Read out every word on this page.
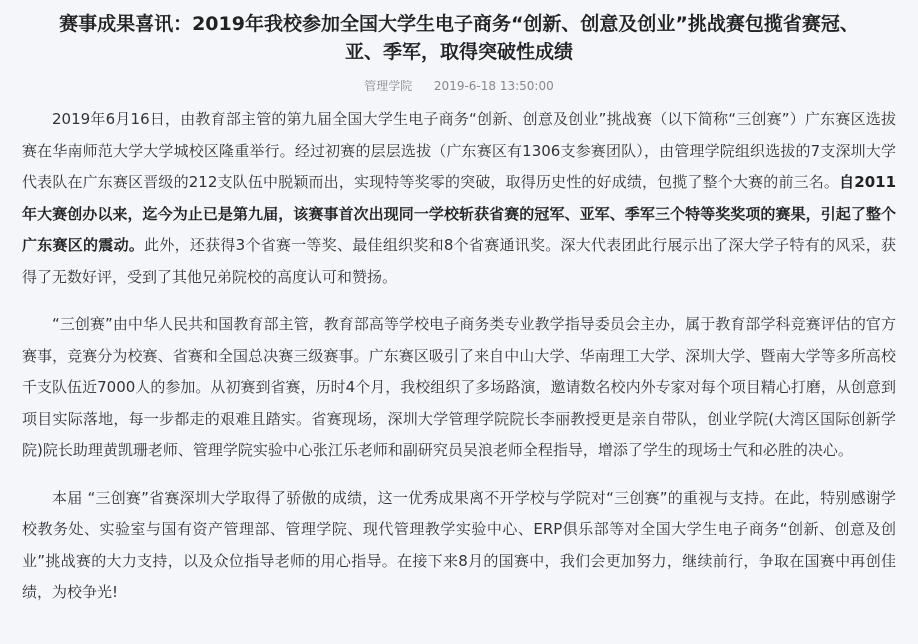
赛事成果喜讯：2019年我校参加全国大学生电子商务“创新、创意及创业”挑战赛包揽省赛冠、亚、季军，取得突破性成绩
管理学院 2019-6-18 13:50:00

2019年6月16日，由教育部主管的第九届全国大学生电子商务“创新、创意及创业”挑战赛（以下简称“三创赛”）广东赛区选拔赛在华南师范大学大学城校区隆重举行。经过初赛的层层选拔（广东赛区有1306支参赛团队），由管理学院组织选拔的7支深圳大学代表队在广东赛区晋级的212支队伍中脱颖而出，实现特等奖零的突破，取得历史性的好成绩，包揽了整个大赛的前三名。自2011年大赛创办以来，迄今为止已是第九届，该赛事首次出现同一学校斩获省赛的冠军、亚军、季军三个特等奖奖项的赛果，引起了整个广东赛区的震动。此外，还获得3个省赛一等奖、最佳组织奖和8个省赛通讯奖。深大代表团此行展示出了深大学子特有的风采，获得了无数好评，受到了其他兄弟院校的高度认可和赞扬。

“三创赛”由中华人民共和国教育部主管，教育部高等学校电子商务类专业教学指导委员会主办，属于教育部学科竞赛评估的官方赛事，竞赛分为校赛、省赛和全国总决赛三级赛事。广东赛区吸引了来自中山大学、华南理工大学、深圳大学、暨南大学等多所高校千支队伍近7000人的参加。从初赛到省赛，历时4个月，我校组织了多场路演，邀请数名校内外专家对每个项目精心打磨，从创意到项目实际落地，每一步都走的艰难且踏实。省赛现场，深圳大学管理学院院长李丽教授更是亲自带队，创业学院(大湾区国际创新学院)院长助理黄凯珊老师、管理学院实验中心张江乐老师和副研究员吴浪老师全程指导，增添了学生的现场士气和必胜的决心。

本届 “三创赛”省赛深圳大学取得了骄傲的成绩，这一优秀成果离不开学校与学院对“三创赛”的重视与支持。在此，特别感谢学校教务处、实验室与国有资产管理部、管理学院、现代管理教学实验中心、ERP俱乐部等对全国大学生电子商务“创新、创意及创业”挑战赛的大力支持，以及众位指导老师的用心指导。在接下来8月的国赛中，我们会更加努力，继续前行，争取在国赛中再创佳绩，为校争光!
